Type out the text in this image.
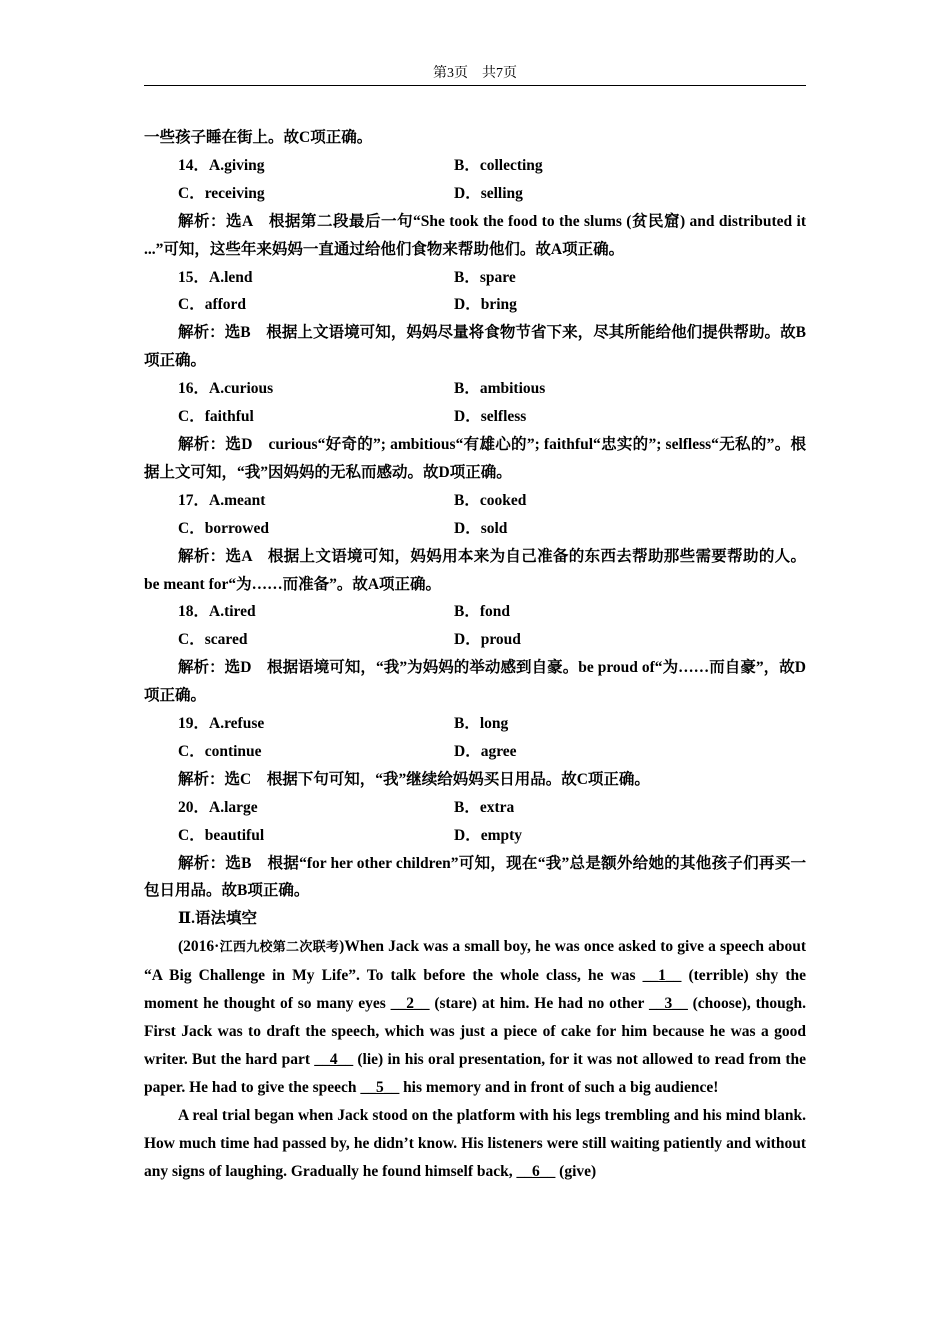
第3页　共7页
一些孩子睡在街上。故C项正确。
14．A.giving	B．collecting
C．receiving	D．selling
解析：选A　根据第二段最后一句“She took the food to the slums (贫民窟) and distributed it ...”可知，这些年来妈妈一直通过给他们食物来帮助他们。故A项正确。
15．A.lend	B．spare
C．afford	D．bring
解析：选B　根据上文语境可知，妈妈尽量将食物节省下来，尽其所能给他们提供帮助。故B项正确。
16．A.curious	B．ambitious
C．faithful	D．selfless
解析：选D　curious“好奇的”; ambitious“有雄心的”; faithful“忠实的”; selfless“无私的”。根据上文可知，“我”因妈妈的无私而感动。故D项正确。
17．A.meant	B．cooked
C．borrowed	D．sold
解析：选A　根据上文语境可知，妈妈用本来为自己准备的东西去帮助那些需要帮助的人。be meant for“为……而准备”。故A项正确。
18．A.tired	B．fond
C．scared	D．proud
解析：选D　根据语境可知，“我”为妈妈的举动感到自豪。be proud of“为……而自豪”，故D项正确。
19．A.refuse	B．long
C．continue	D．agree
解析：选C　根据下句可知，“我”继续给妈妈买日用品。故C项正确。
20．A.large	B．extra
C．beautiful	D．empty
解析：选B　根据“for her other children”可知，现在“我”总是额外给她的其他孩子们再买一包日用品。故B项正确。
Ⅱ.语法填空
(2016·江西九校第二次联考)When Jack was a small boy, he was once asked to give a speech about “A Big Challenge in My Life”. To talk before the whole class, he was __1__ (terrible) shy the moment he thought of so many eyes __2__ (stare) at him. He had no other __3__ (choose), though. First Jack was to draft the speech, which was just a piece of cake for him because he was a good writer. But the hard part __4__ (lie) in his oral presentation, for it was not allowed to read from the paper. He had to give the speech __5__ his memory and in front of such a big audience!
A real trial began when Jack stood on the platform with his legs trembling and his mind blank. How much time had passed by, he didn’t know. His listeners were still waiting patiently and without any signs of laughing. Gradually he found himself back, __6__ (give)
